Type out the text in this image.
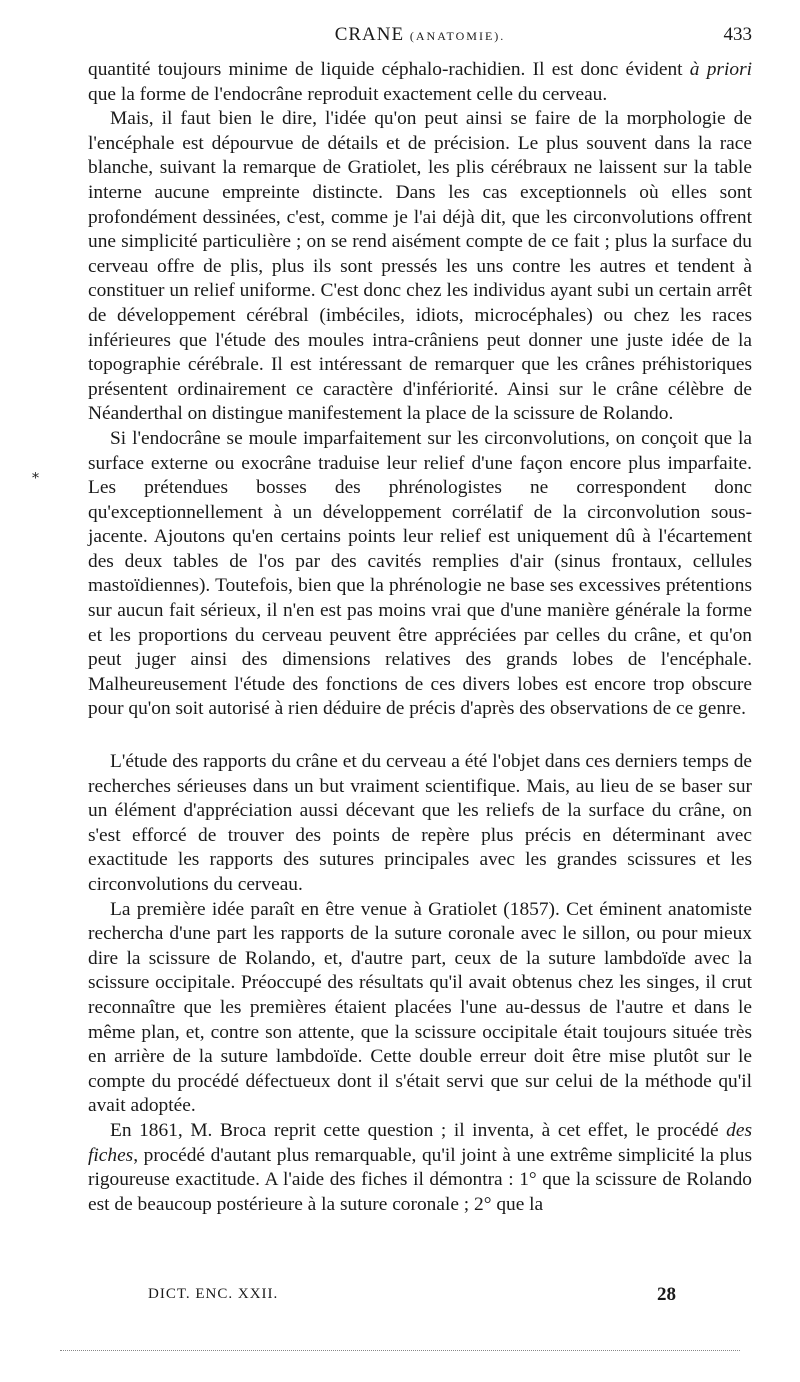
CRANE (ANATOMIE).	433
⁎

quantité toujours minime de liquide céphalo-rachidien. Il est donc évident à priori que la forme de l'endocrâne reproduit exactement celle du cerveau.

Mais, il faut bien le dire, l'idée qu'on peut ainsi se faire de la morphologie de l'encéphale est dépourvue de détails et de précision. Le plus souvent dans la race blanche, suivant la remarque de Gratiolet, les plis cérébraux ne laissent sur la table interne aucune empreinte distincte. Dans les cas exceptionnels où elles sont profondément dessinées, c'est, comme je l'ai déjà dit, que les circonvolutions offrent une simplicité particulière ; on se rend aisément compte de ce fait ; plus la surface du cerveau offre de plis, plus ils sont pressés les uns contre les autres et tendent à constituer un relief uniforme. C'est donc chez les individus ayant subi un certain arrêt de développement cérébral (imbéciles, idiots, microcéphales) ou chez les races inférieures que l'étude des moules intra-crâniens peut donner une juste idée de la topographie cérébrale. Il est intéressant de remarquer que les crânes préhistoriques présentent ordinairement ce caractère d'infériorité. Ainsi sur le crâne célèbre de Néanderthal on distingue manifestement la place de la scissure de Rolando.

Si l'endocrâne se moule imparfaitement sur les circonvolutions, on conçoit que la surface externe ou exocrâne traduise leur relief d'une façon encore plus imparfaite. Les prétendues bosses des phrénologistes ne correspondent donc qu'exceptionnellement à un développement corrélatif de la circonvolution sous-jacente. Ajoutons qu'en certains points leur relief est uniquement dû à l'écartement des deux tables de l'os par des cavités remplies d'air (sinus frontaux, cellules mastoïdiennes). Toutefois, bien que la phrénologie ne base ses excessives prétentions sur aucun fait sérieux, il n'en est pas moins vrai que d'une manière générale la forme et les proportions du cerveau peuvent être appréciées par celles du crâne, et qu'on peut juger ainsi des dimensions relatives des grands lobes de l'encéphale. Malheureusement l'étude des fonctions de ces divers lobes est encore trop obscure pour qu'on soit autorisé à rien déduire de précis d'après des observations de ce genre.

L'étude des rapports du crâne et du cerveau a été l'objet dans ces derniers temps de recherches sérieuses dans un but vraiment scientifique. Mais, au lieu de se baser sur un élément d'appréciation aussi décevant que les reliefs de la surface du crâne, on s'est efforcé de trouver des points de repère plus précis en déterminant avec exactitude les rapports des sutures principales avec les grandes scissures et les circonvolutions du cerveau.

La première idée paraît en être venue à Gratiolet (1857). Cet éminent anatomiste recherchа d'une part les rapports de la suture coronale avec le sillon, ou pour mieux dire la scissure de Rolando, et, d'autre part, ceux de la suture lambdoïde avec la scissure occipitale. Préoccupé des résultats qu'il avait obtenus chez les singes, il crut reconnaître que les premières étaient placées l'une au-dessus de l'autre et dans le même plan, et, contre son attente, que la scissure occipitale était toujours située très en arrière de la suture lambdoïde. Cette double erreur doit être mise plutôt sur le compte du procédé défectueux dont il s'était servi que sur celui de la méthode qu'il avait adoptée.

En 1861, M. Broca reprit cette question ; il inventa, à cet effet, le procédé des fiches, procédé d'autant plus remarquable, qu'il joint à une extrême simplicité la plus rigoureuse exactitude. A l'aide des fiches il démontra : 1° que la scissure de Rolando est de beaucoup postérieure à la suture coronale ; 2° que la

DICT. ENC. XXII.	28
